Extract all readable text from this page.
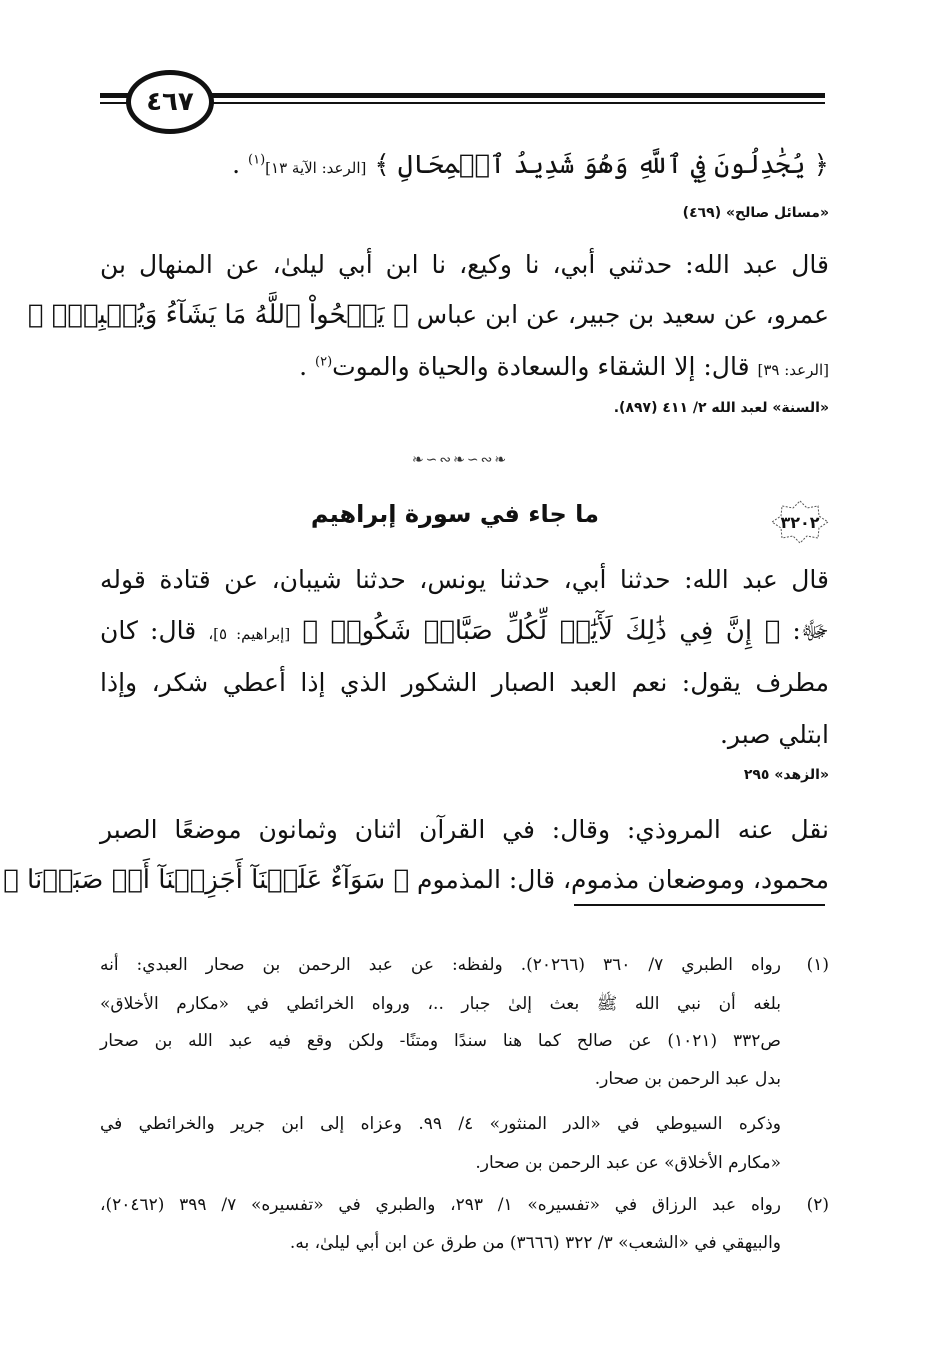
٤٦٧
﴿ يُجَٰدِلُونَ فِي ٱللَّهِ وَهُوَ شَدِيدُ ٱلۡمِحَالِ ﴾ [الرعد: الآية ١٣]$^{(١)}$ .
«مسائل صالح» (٤٦٩)
قال عبد الله: حدثني أبي، نا وكيع، نا ابن أبي ليلىٰ، عن المنهال بن
عمرو، عن سعيد بن جبير، عن ابن عباس ﴿ يَمۡحُواْ ٱللَّهُ مَا يَشَآءُ وَيُثۡبِتُۖ ﴾
[الرعد: ٣٩] قال: إلا الشقاء والسعادة والحياة والموت$^{(٢)}$ .
«السنة» لعبد الله ٢/ ٤١١ (٨٩٧).
❧∽∾❧∽∾❧
٣٢٠٢
ما جاء في سورة إبراهيم
قال عبد الله: حدثنا أبي، حدثنا يونس، حدثنا شيبان، عن قتادة قوله
ﷻ: ﴿ إِنَّ فِي ذَٰلِكَ لَأٓيَٰتٖ لِّكُلِّ صَبَّارٖ شَكُورٖ ﴾ [إبراهيم: ٥]، قال: كان
مطرف يقول: نعم العبد الصبار الشكور الذي إذا أعطي شكر، وإذا
ابتلي صبر.
«الزهد» ٢٩٥
نقل عنه المروذي: وقال: في القرآن اثنان وثمانون موضعًا الصبر
محمود، وموضعان مذموم، قال: المذموم ﴿ سَوَآءٌ عَلَيۡنَآ أَجَزِعۡنَآ أَمۡ صَبَرۡنَا ﴾
(١)
رواه الطبري ٧/ ٣٦٠ (٢٠٢٦٦). ولفظه: عن عبد الرحمن بن صحار العبدي: أنه
بلغه أن نبي الله ﷺ بعث إلىٰ جبار ..، ورواه الخرائطي في «مكارم الأخلاق»
ص٣٣٢ (١٠٢١) عن صالح كما هنا سندًا ومتنًا- ولكن وقع فيه عبد الله بن صحار
بدل عبد الرحمن بن صحار.
وذكره السيوطي في «الدر المنثور» ٤/ ٩٩. وعزاه إلى ابن جرير والخرائطي في
«مكارم الأخلاق» عن عبد الرحمن بن صحار.
(٢)
رواه عبد الرزاق في «تفسيره» ١/ ٢٩٣، والطبري في «تفسيره» ٧/ ٣٩٩ (٢٠٤٦٢)،
والبيهقي في «الشعب» ٣/ ٣٢٢ (٣٦٦٦) من طرق عن ابن أبي ليلىٰ، به.
